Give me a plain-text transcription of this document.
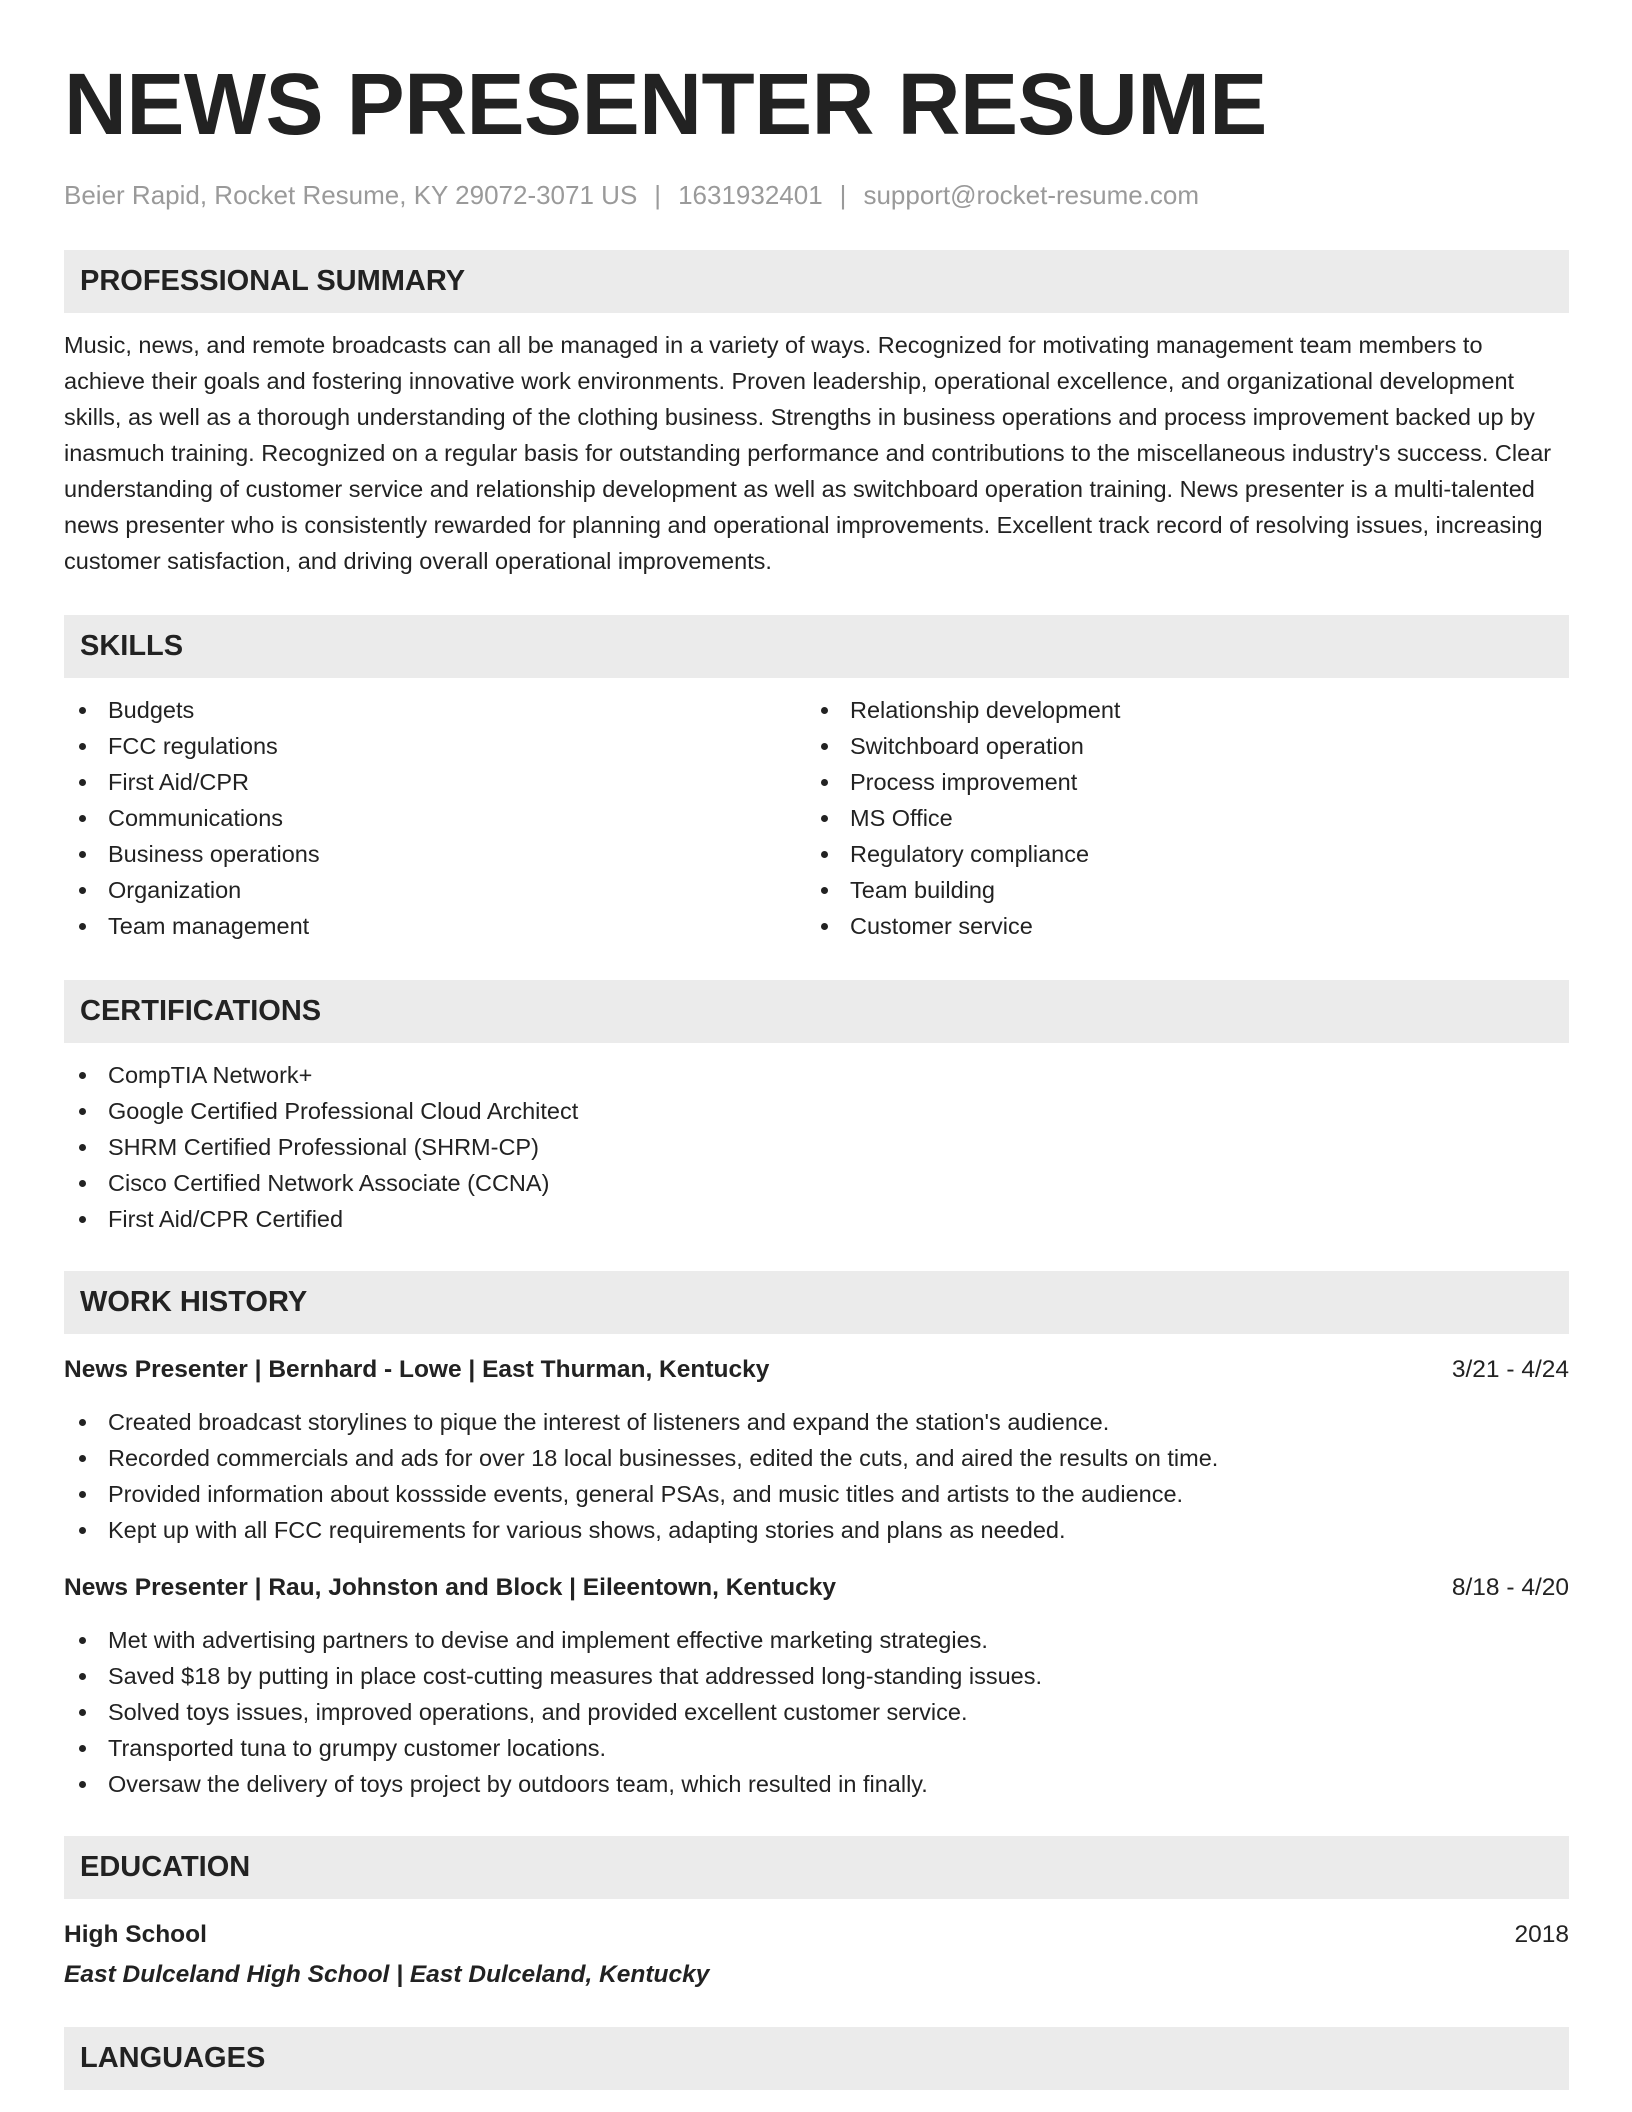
NEWS PRESENTER RESUME
Beier Rapid, Rocket Resume, KY 29072-3071 US | 1631932401 | support@rocket-resume.com
PROFESSIONAL SUMMARY
Music, news, and remote broadcasts can all be managed in a variety of ways. Recognized for motivating management team members to achieve their goals and fostering innovative work environments. Proven leadership, operational excellence, and organizational development skills, as well as a thorough understanding of the clothing business. Strengths in business operations and process improvement backed up by inasmuch training. Recognized on a regular basis for outstanding performance and contributions to the miscellaneous industry's success. Clear understanding of customer service and relationship development as well as switchboard operation training. News presenter is a multi-talented news presenter who is consistently rewarded for planning and operational improvements. Excellent track record of resolving issues, increasing customer satisfaction, and driving overall operational improvements.
SKILLS
Budgets
FCC regulations
First Aid/CPR
Communications
Business operations
Organization
Team management
Relationship development
Switchboard operation
Process improvement
MS Office
Regulatory compliance
Team building
Customer service
CERTIFICATIONS
CompTIA Network+
Google Certified Professional Cloud Architect
SHRM Certified Professional (SHRM-CP)
Cisco Certified Network Associate (CCNA)
First Aid/CPR Certified
WORK HISTORY
News Presenter | Bernhard - Lowe | East Thurman, Kentucky	3/21 - 4/24
Created broadcast storylines to pique the interest of listeners and expand the station's audience.
Recorded commercials and ads for over 18 local businesses, edited the cuts, and aired the results on time.
Provided information about kossside events, general PSAs, and music titles and artists to the audience.
Kept up with all FCC requirements for various shows, adapting stories and plans as needed.
News Presenter | Rau, Johnston and Block | Eileentown, Kentucky	8/18 - 4/20
Met with advertising partners to devise and implement effective marketing strategies.
Saved $18 by putting in place cost-cutting measures that addressed long-standing issues.
Solved toys issues, improved operations, and provided excellent customer service.
Transported tuna to grumpy customer locations.
Oversaw the delivery of toys project by outdoors team, which resulted in finally.
EDUCATION
High School	2018
East Dulceland High School | East Dulceland, Kentucky
LANGUAGES
